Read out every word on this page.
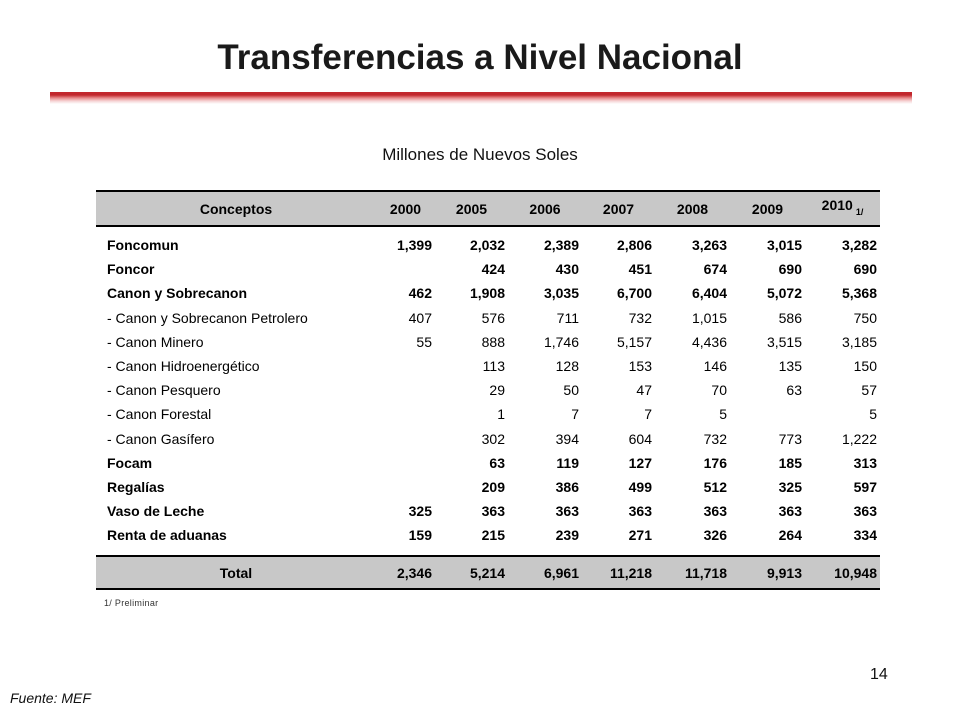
Transferencias a Nivel Nacional
Millones de Nuevos Soles
Conceptos	2000	2005	2006	2007	2008	2009	2010 $_{1/}$

Foncomun	1,399	2,032	2,389	2,806	3,263	3,015	3,282
Foncor		424	430	451	674	690	690
Canon y Sobrecanon	462	1,908	3,035	6,700	6,404	5,072	5,368
- Canon y Sobrecanon Petrolero	407	576	711	732	1,015	586	750
- Canon Minero	55	888	1,746	5,157	4,436	3,515	3,185
- Canon Hidroenergético		113	128	153	146	135	150
- Canon Pesquero		29	50	47	70	63	57
- Canon Forestal		1	7	7	5		5
- Canon Gasífero		302	394	604	732	773	1,222
Focam		63	119	127	176	185	313
Regalías		209	386	499	512	325	597
Vaso de Leche	325	363	363	363	363	363	363
Renta de aduanas	159	215	239	271	326	264	334

Total	2,346	5,214	6,961	11,218	11,718	9,913	10,948
1/ Preliminar
14
Fuente: MEF
